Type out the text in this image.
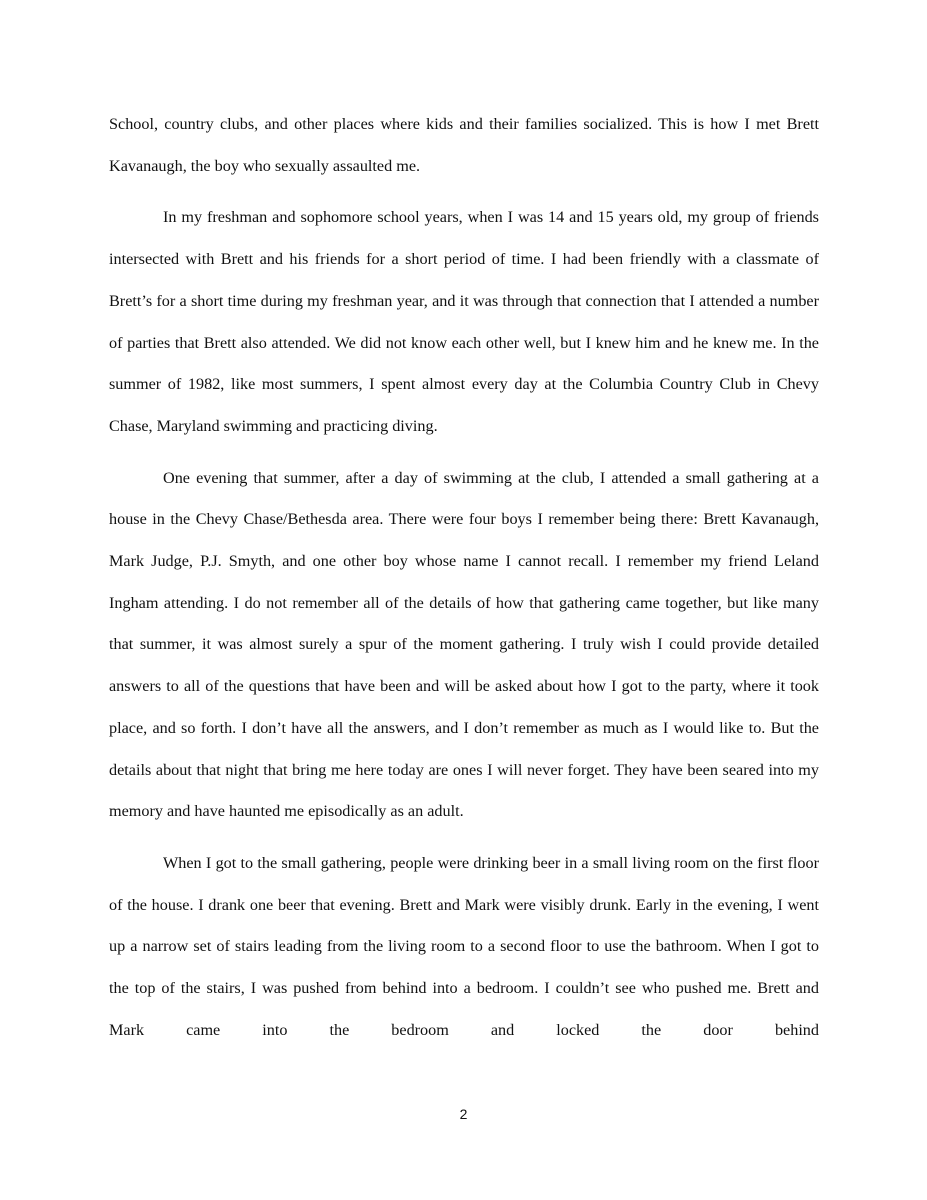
School, country clubs, and other places where kids and their families socialized. This is how I met Brett Kavanaugh, the boy who sexually assaulted me.

In my freshman and sophomore school years, when I was 14 and 15 years old, my group of friends intersected with Brett and his friends for a short period of time. I had been friendly with a classmate of Brett’s for a short time during my freshman year, and it was through that connection that I attended a number of parties that Brett also attended. We did not know each other well, but I knew him and he knew me. In the summer of 1982, like most summers, I spent almost every day at the Columbia Country Club in Chevy Chase, Maryland swimming and practicing diving.

One evening that summer, after a day of swimming at the club, I attended a small gathering at a house in the Chevy Chase/Bethesda area. There were four boys I remember being there: Brett Kavanaugh, Mark Judge, P.J. Smyth, and one other boy whose name I cannot recall. I remember my friend Leland Ingham attending. I do not remember all of the details of how that gathering came together, but like many that summer, it was almost surely a spur of the moment gathering. I truly wish I could provide detailed answers to all of the questions that have been and will be asked about how I got to the party, where it took place, and so forth. I don’t have all the answers, and I don’t remember as much as I would like to. But the details about that night that bring me here today are ones I will never forget. They have been seared into my memory and have haunted me episodically as an adult.

When I got to the small gathering, people were drinking beer in a small living room on the first floor of the house. I drank one beer that evening. Brett and Mark were visibly drunk. Early in the evening, I went up a narrow set of stairs leading from the living room to a second floor to use the bathroom. When I got to the top of the stairs, I was pushed from behind into a bedroom. I couldn’t see who pushed me. Brett and Mark came into the bedroom and locked the door behind

2
